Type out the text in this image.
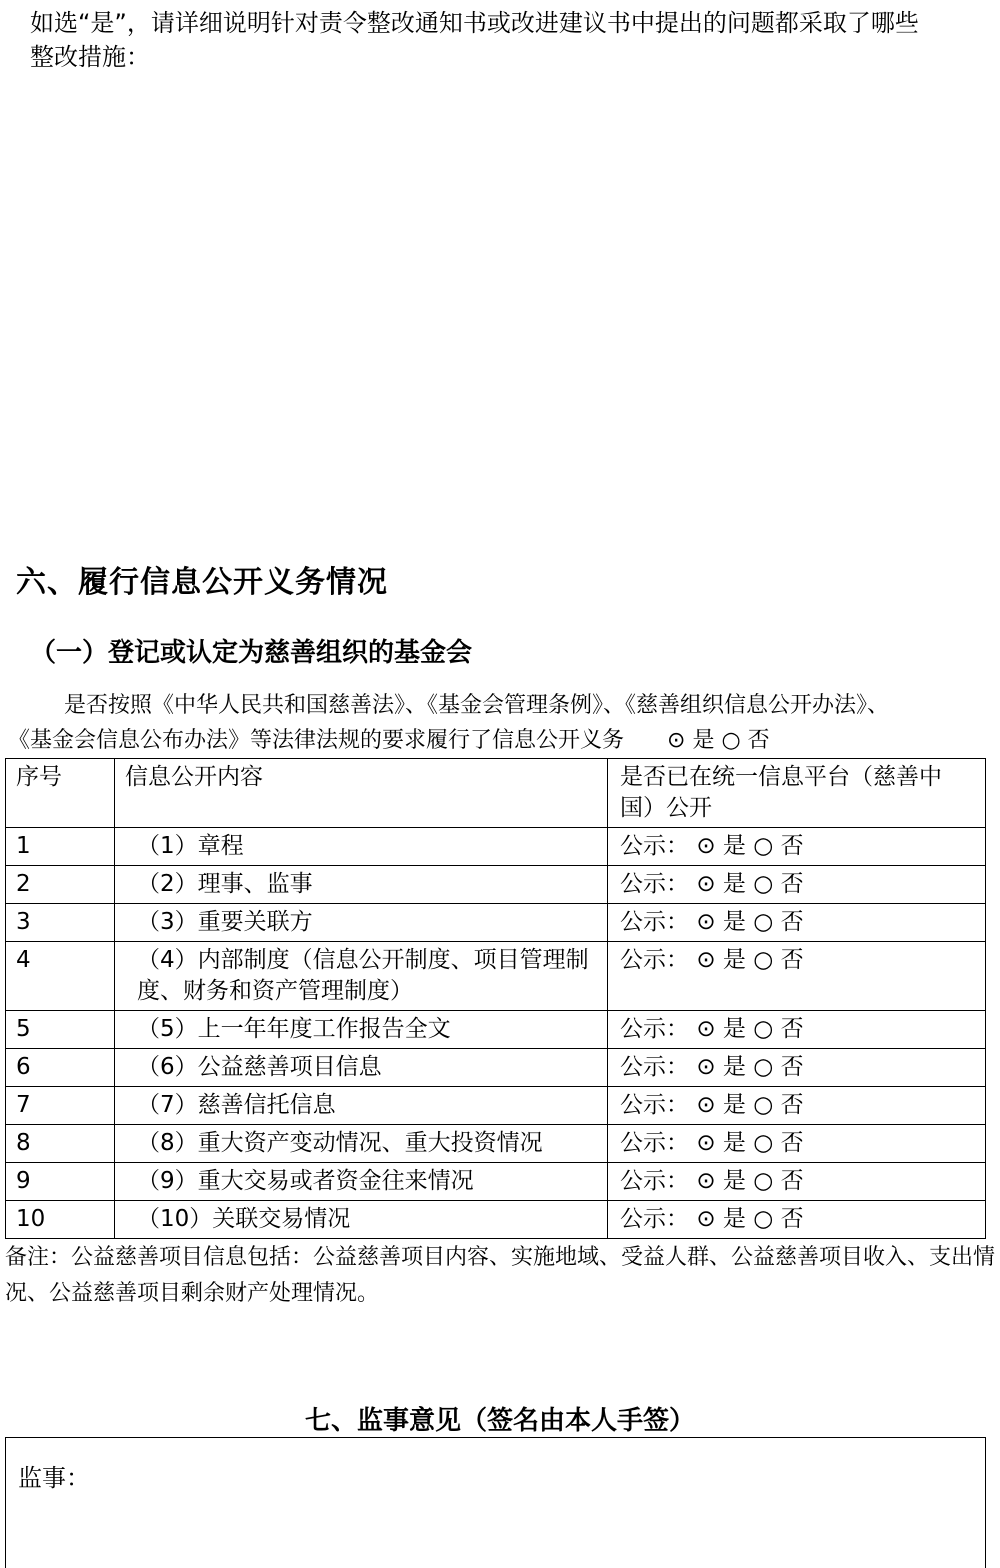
如选“是”，请详细说明针对责令整改通知书或改进建议书中提出的问题都采取了哪些

整改措施：

六、履行信息公开义务情况
（一）登记或认定为慈善组织的基金会
是否按照《中华人民共和国慈善法》、《基金会管理条例》、《慈善组织信息公开办法》、
《基金会信息公布办法》等法律法规的要求履行了信息公开义务 ⊙ 是 ○ 否
序号	信息公开内容	是否已在统一信息平台（慈善中国）公开
1	（1）章程	公示： ⊙ 是 ○ 否
2	（2）理事、监事	公示： ⊙ 是 ○ 否
3	（3）重要关联方	公示： ⊙ 是 ○ 否
4	（4）内部制度（信息公开制度、项目管理制度、财务和资产管理制度）	公示： ⊙ 是 ○ 否
5	（5）上一年年度工作报告全文	公示： ⊙ 是 ○ 否
6	（6）公益慈善项目信息	公示： ⊙ 是 ○ 否
7	（7）慈善信托信息	公示： ⊙ 是 ○ 否
8	（8）重大资产变动情况、重大投资情况	公示： ⊙ 是 ○ 否
9	（9）重大交易或者资金往来情况	公示： ⊙ 是 ○ 否
10	（10）关联交易情况	公示： ⊙ 是 ○ 否
备注：公益慈善项目信息包括：公益慈善项目内容、实施地域、受益人群、公益慈善项目收入、支出情况、公益慈善项目剩余财产处理情况。
七、监事意见（签名由本人手签）
监事：
